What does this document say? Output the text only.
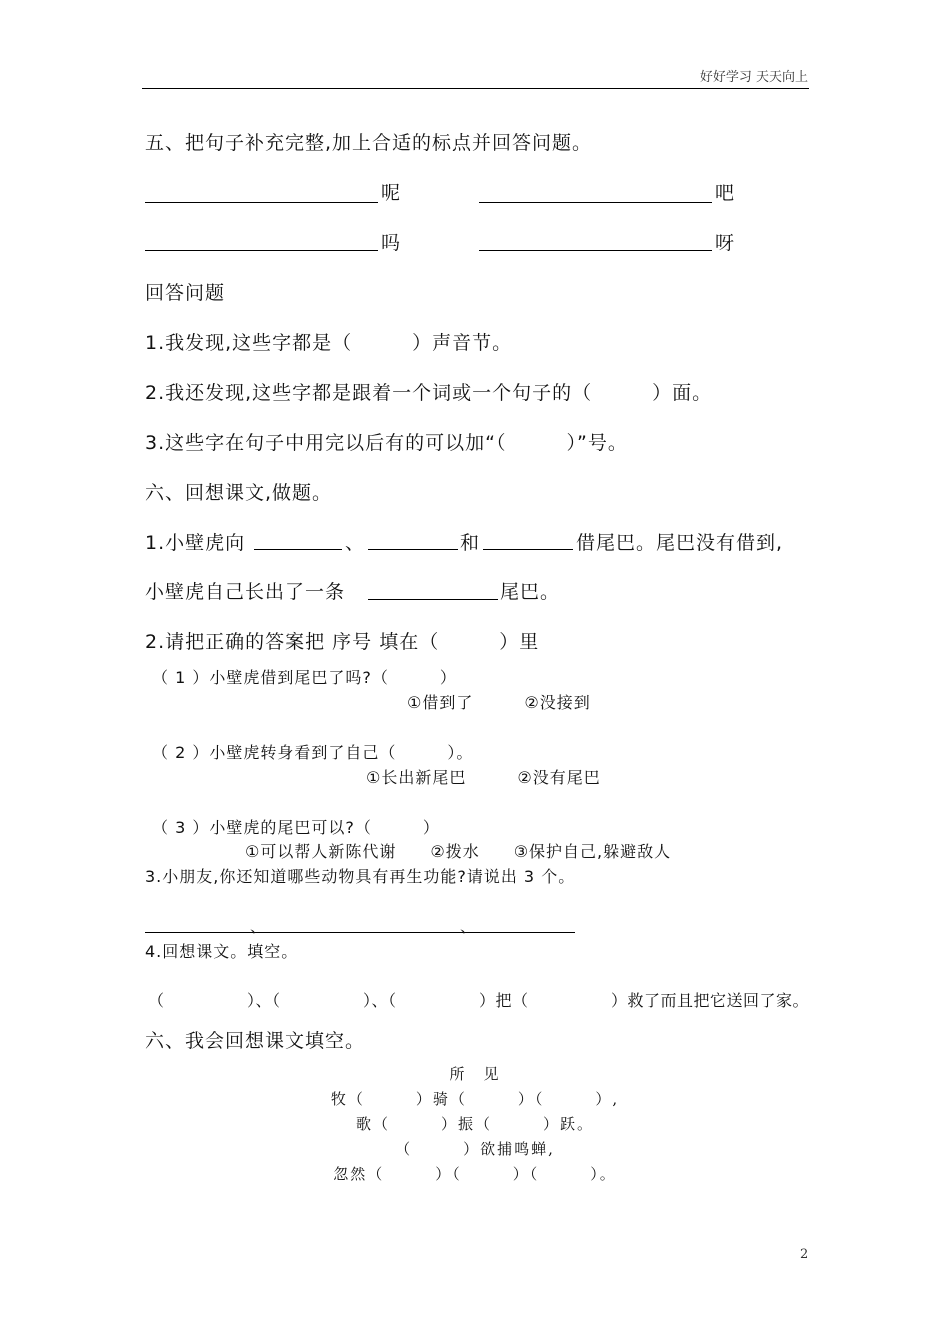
好好学习 天天向上
五、把句子补充完整,加上合适的标点并回答问题。
呢	吧
吗	呀
回答问题
1.我发现,这些字都是（　　　）声音节。
2.我还发现,这些字都是跟着一个词或一个句子的（　　　）面。
3.这些字在句子中用完以后有的可以加“（　　　）”号。
六、回想课文,做题。
1.小壁虎向	、	和	借尾巴。尾巴没有借到,
小壁虎自己长出了一条	尾巴。
2.请把正确的答案把 序号 填在（　　　）里
（ 1 ）小壁虎借到尾巴了吗?（　　　）
①借到了　　　②没接到
（ 2 ）小壁虎转身看到了自己（　　　）。
①长出新尾巴　　　②没有尾巴
（ 3 ）小壁虎的尾巴可以?（　　　）
①可以帮人新陈代谢　　②拨水　　③保护自己,躲避敌人
3.小朋友,你还知道哪些动物具有再生功能?请说出 3 个。
、	、
4.回想课文。填空。
（　　　　　）、（　　　　　）、（　　　　　）把（　　　　　）救了而且把它送回了家。
六、我会回想课文填空。
所　见
牧（　　　）骑（　　　）（　　　）,
歌（　　　）振（　　　）跃。
（　　　）欲捕鸣蝉,
忽然（　　　）（　　　）（　　　）。
2
